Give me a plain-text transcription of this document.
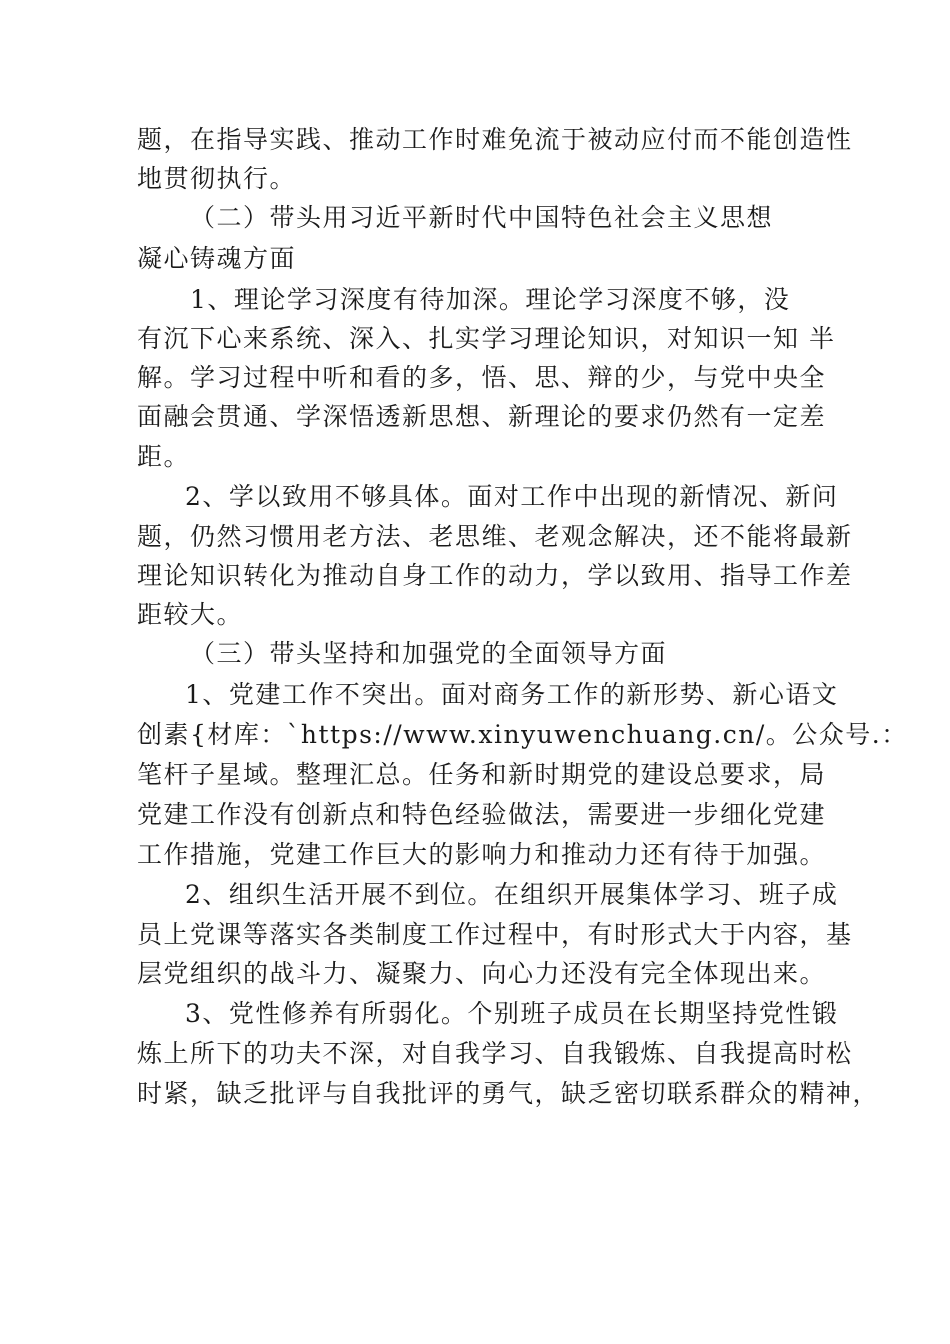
题，在指导实践、推动工作时难免流于被动应付而不能创造性
地贯彻执行。
（二）带头用习近平新时代中国特色社会主义思想
凝心铸魂方面
1、理论学习深度有待加深。理论学习深度不够，没
有沉下心来系统、深入、扎实学习理论知识，对知识一知 半
解。学习过程中听和看的多，悟、思、辩的少，与党中央全
面融会贯通、学深悟透新思想、新理论的要求仍然有一定差
距。
2、学以致用不够具体。面对工作中出现的新情况、新问
题，仍然习惯用老方法、老思维、老观念解决，还不能将最新
理论知识转化为推动自身工作的动力，学以致用、指导工作差
距较大。
（三）带头坚持和加强党的全面领导方面
1、党建工作不突出。面对商务工作的新形势、新心语文
创素{材库：`https://www.xinyuwenchuang.cn/。公众号.：
笔杆子星域。整理汇总。任务和新时期党的建设总要求，局
党建工作没有创新点和特色经验做法，需要进一步细化党建
工作措施，党建工作巨大的影响力和推动力还有待于加强。
2、组织生活开展不到位。在组织开展集体学习、班子成
员上党课等落实各类制度工作过程中，有时形式大于内容，基
层党组织的战斗力、凝聚力、向心力还没有完全体现出来。
3、党性修养有所弱化。个别班子成员在长期坚持党性锻
炼上所下的功夫不深，对自我学习、自我锻炼、自我提高时松
时紧，缺乏批评与自我批评的勇气，缺乏密切联系群众的精神，
